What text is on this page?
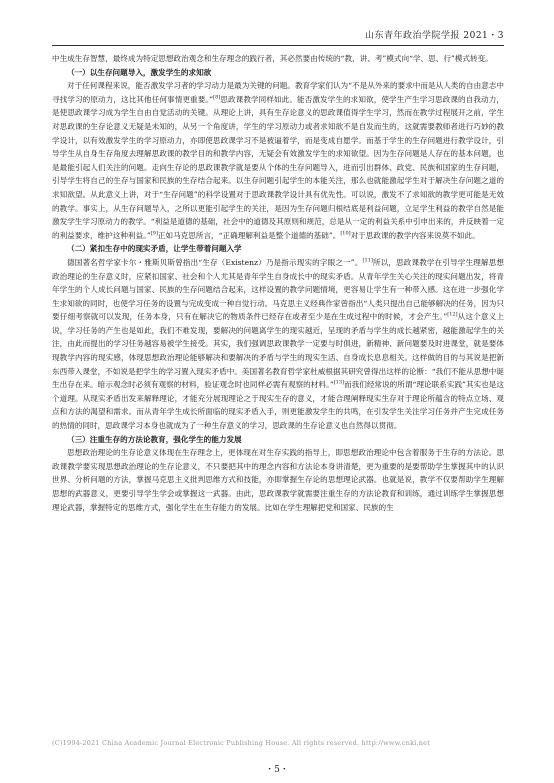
山东青年政治学院学报 2021・3

中生成生存智慧，最终成为特定思想政治观念和生存理念的践行者，其必然要由传统的“教、讲、考”模式向“学、思、行”模式转变。

（一）以生存问题导入，激发学生的求知欲

对于任何课程来说，能否激发学习者的学习动力是最为关键的问题。教育学家们认为“不是从外来的要求中而是从人类的自由意志中寻找学习的原动力，这比其他任何事情更重要。”[8]思政课教学同样如此。能否激发学生的求知欲，使学生产生学习思政课的自我动力，是使思政课学习成为学生自由自觉活动的关键。从理论上讲，具有生存论意义的思政课值得学生学习，然而在教学过程展开之前，学生对思政课的生存论意义无疑是未知的，从另一个角度讲，学生的学习原动力或者求知欲不是自发而生的，这就需要教师者进行巧妙的教学设计，以有效激发学生的学习原动力，亦即使思政课学习不是被逼着学，而是变成自愿学。而基于学生的生存问题进行教学设计，引导学生从自身生存角度去理解思政课的教学目的和教学内容，无疑会有效激发学生的求知欲望。因为生存问题是人存在的基本问题，也是最能引起人们关注的问题。走向生存论的思政课教学就是要从个体的生存问题导入，进而引出群体、政党、民族和国家的生存问题，引导学生将自己的生存与国家和民族的生存结合起来。以生存问题引起学生的本能关注，那么也就能激起学生对于解决生存问题之道的求知欲望。从此意义上讲，对于“生存问题”的科学设置对于思政课教学设计具有优先性。可以说，激发不了求知欲的教学更可能是无效的教学。事实上，从生存问题导入，之所以更能引起学生的关注，是因为生存问题归根结底是利益问题，立足学生利益的教学自然是能激发学生学习原动力的教学。“利益是道德的基础，社会中的道德及其原则和规范，总是从一定的利益关系中引申出来的，并反映着一定的利益要求，维护这种利益。”[9]正如马克思所言，“正确理解利益是整个道德的基础”。[10]对于思政课的教学内容来说莫不如此。

（二）紧扣生存中的现实矛盾，让学生带着问题入学

德国著名哲学家卡尔・雅斯贝斯曾指出“生存（Existenz）乃是指示现实的字眼之一”。[11]所以，思政课教学在引导学生理解思想政治理论的生存意义时，应紧扣国家、社会和个人尤其是青年学生自身成长中的现实矛盾。从青年学生关心关注的现实问题出发，将青年学生的个人成长问题与国家、民族的生存问题结合起来，这样设置的教学问题情境，更容易让学生有一种带入感。这在进一步强化学生求知欲的同时，也使学习任务的设置与完成变成一种自觉行动。马克思主义经典作家曾指出“人类只提出自己能够解决的任务，因为只要仔细考察就可以发现，任务本身，只有在解决它的物质条件已经存在或者至少是在生成过程中的时候，才会产生。”[12]从这个意义上说，学习任务的产生也是如此，我们不难发现，要解决的问题离学生的现实越近，呈现的矛盾与学生的成长越紧密，越能激起学生的关注，由此而提出的学习任务越容易被学生接受。其实，我们强调思政课教学一定要与时俱进，新精神、新问题要及时进课堂，就是要体现教学内容的现实感，体现思想政治理论能够解决和要解决的矛盾与学生的现实生活、自身成长息息相关。这样做的目的与其说是把新东西带入课堂，不如说是把学生的学习置入现实矛盾中。美国著名教育哲学家杜威根据其研究曾得出这样的论断：“我们不能从思想中诞生出存在来。暗示观念时必须有观察的材料，验证观念时也同样必需有观察的材料。”[13]而我们经常说的所谓“理论联系实践”其实也是这个道理。从现实矛盾出发来解释理论，才能充分展现理论之于现实生存的意义，才能合理阐释现实生存对于理论所蕴含的特点立场、观点和方法的渴望和需求。而从青年学生成长所面临的现实矛盾入手，则更能激发学生的共鸣，在引发学生关注学习任务并产生完成任务的热情的同时，思政课学习本身也就成为了一种生存意义的学习，思政课的生存论意义也自然得以贯彻。

（三）注重生存的方法论教育，强化学生的能力发展

思想政治理论的生存论意义体现在生存理念上，更体现在对生存实践的指导上，即思想政治理论中包含着服务于生存的方法论。思政课教学要实现思想政治理论的生存论意义，不只要把其中的理念内容和方法论本身讲清楚，更为重要的是要帮助学生掌握其中的认识世界、分析问题的方法，掌握马克思主义批判思维方式和技能，亦即掌握生存论的思想理论武器。也就是说，教学不仅要帮助学生理解思想的武器意义，更要引导学生学会或掌握这一武器。由此，思政课教学就需要注重生存的方法论教育和训练，通过训练学生掌握思想理论武器，掌握特定的思维方式，强化学生在生存能力的发展。比如在学生理解把党和国家、民族的生

(C)1994-2021 China Academic Journal Electronic Publishing House. All rights reserved. http://www.cnki.net
・5・
